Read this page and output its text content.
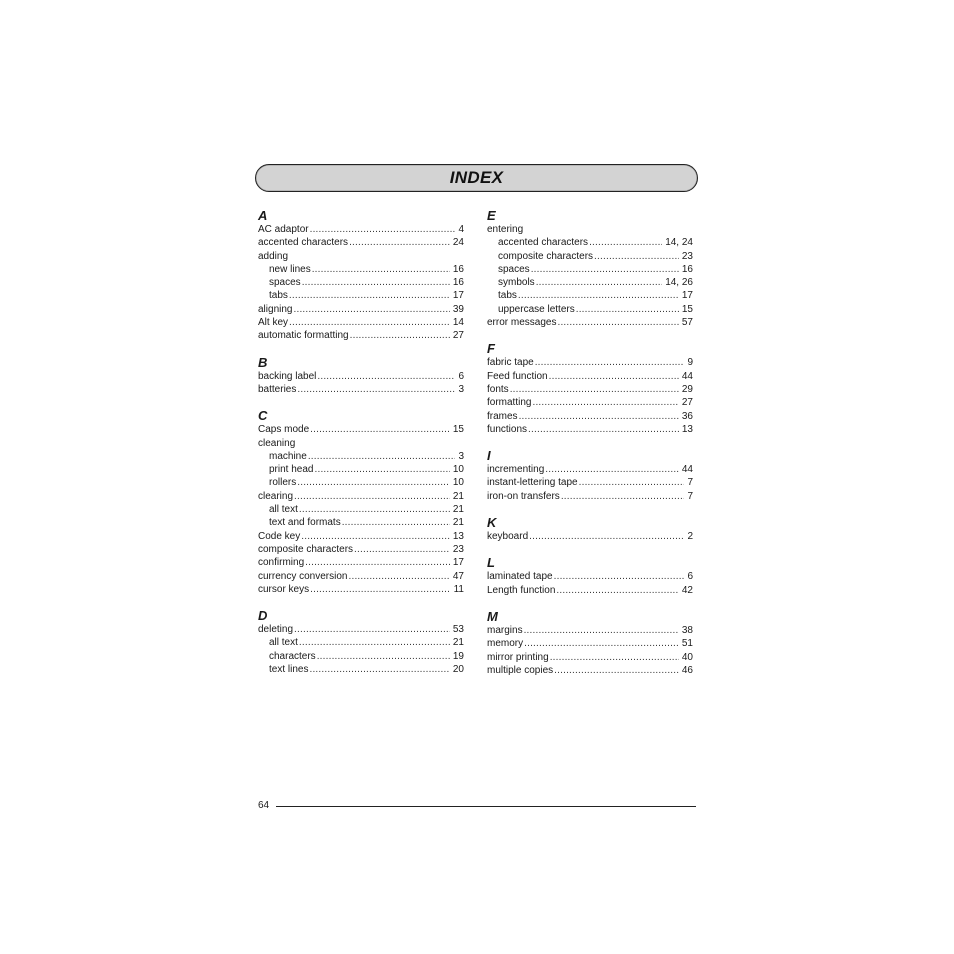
INDEX
A
AC adaptor .....	4
accented characters .....	24
adding
new lines .....	16
spaces .....	16
tabs .....	17
aligning .....	39
Alt key .....	14
automatic formatting .....	27
B
backing label .....	6
batteries .....	3
C
Caps mode .....	15
cleaning
machine .....	3
print head .....	10
rollers .....	10
clearing .....	21
all text .....	21
text and formats .....	21
Code key .....	13
composite characters .....	23
confirming .....	17
currency conversion .....	47
cursor keys .....	11
D
deleting .....	53
all text .....	21
characters .....	19
text lines .....	20
E
entering
accented characters .....	14, 24
composite characters .....	23
spaces .....	16
symbols .....	14, 26
tabs .....	17
uppercase letters .....	15
error messages .....	57
F
fabric tape .....	9
Feed function .....	44
fonts .....	29
formatting .....	27
frames .....	36
functions .....	13
I
incrementing .....	44
instant-lettering tape .....	7
iron-on transfers .....	7
K
keyboard .....	2
L
laminated tape .....	6
Length function .....	42
M
margins .....	38
memory .....	51
mirror printing .....	40
multiple copies .....	46
64
